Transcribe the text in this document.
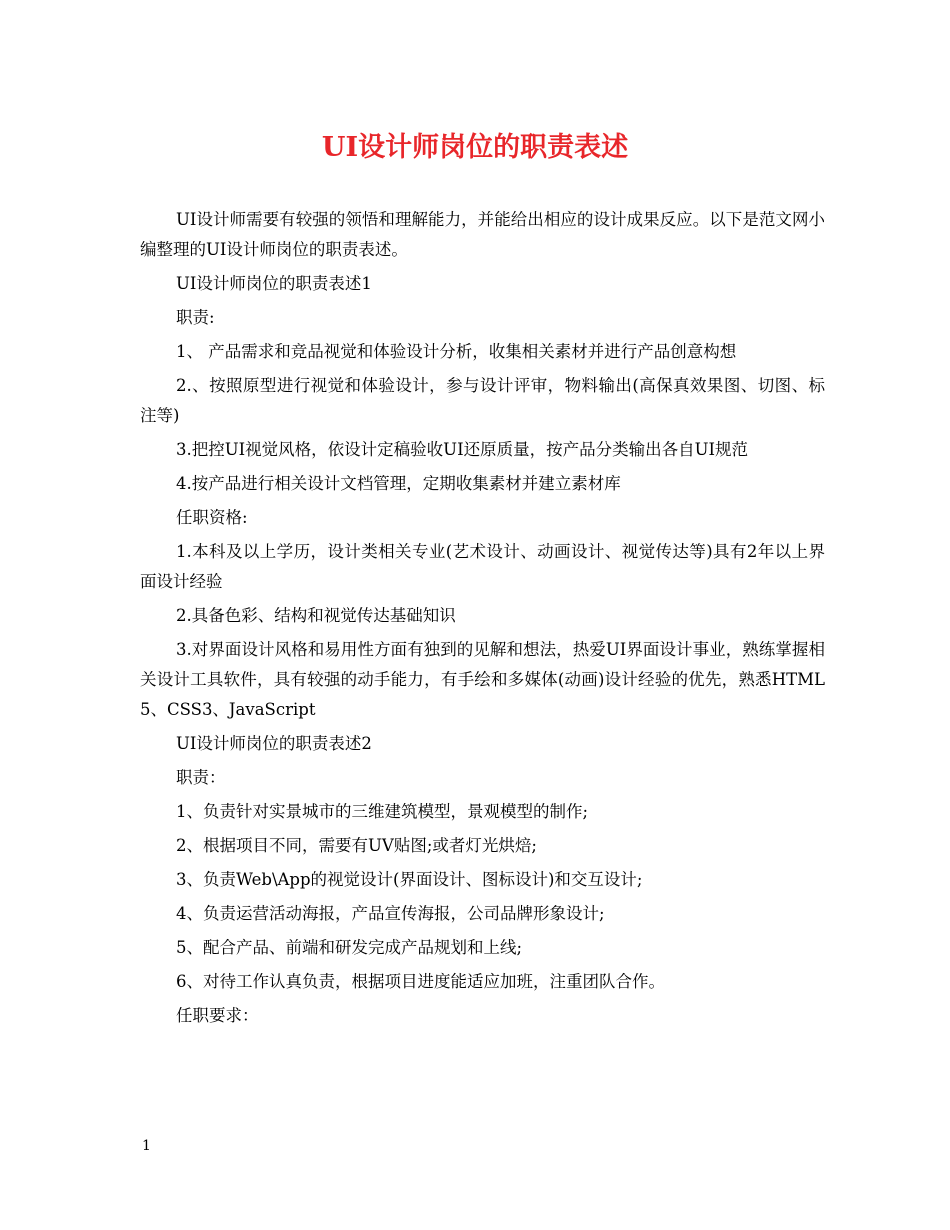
UI设计师岗位的职责表述

UI设计师需要有较强的领悟和理解能力，并能给出相应的设计成果反应。以下是范文网小编整理的UI设计师岗位的职责表述。

UI设计师岗位的职责表述1

职责:

1、 产品需求和竞品视觉和体验设计分析，收集相关素材并进行产品创意构想

2.、按照原型进行视觉和体验设计，参与设计评审，物料输出(高保真效果图、切图、标注等)

3.把控UI视觉风格，依设计定稿验收UI还原质量，按产品分类输出各自UI规范

4.按产品进行相关设计文档管理，定期收集素材并建立素材库

任职资格:

1.本科及以上学历，设计类相关专业(艺术设计、动画设计、视觉传达等)具有2年以上界面设计经验

2.具备色彩、结构和视觉传达基础知识

3.对界面设计风格和易用性方面有独到的见解和想法，热爱UI界面设计事业，熟练掌握相关设计工具软件，具有较强的动手能力，有手绘和多媒体(动画)设计经验的优先，熟悉HTML5、CSS3、JavaScript

UI设计师岗位的职责表述2

职责：

1、负责针对实景城市的三维建筑模型，景观模型的制作;

2、根据项目不同，需要有UV贴图;或者灯光烘焙;

3、负责Web\App的视觉设计(界面设计、图标设计)和交互设计;

4、负责运营活动海报，产品宣传海报，公司品牌形象设计;

5、配合产品、前端和研发完成产品规划和上线;

6、对待工作认真负责，根据项目进度能适应加班，注重团队合作。

任职要求：

1
